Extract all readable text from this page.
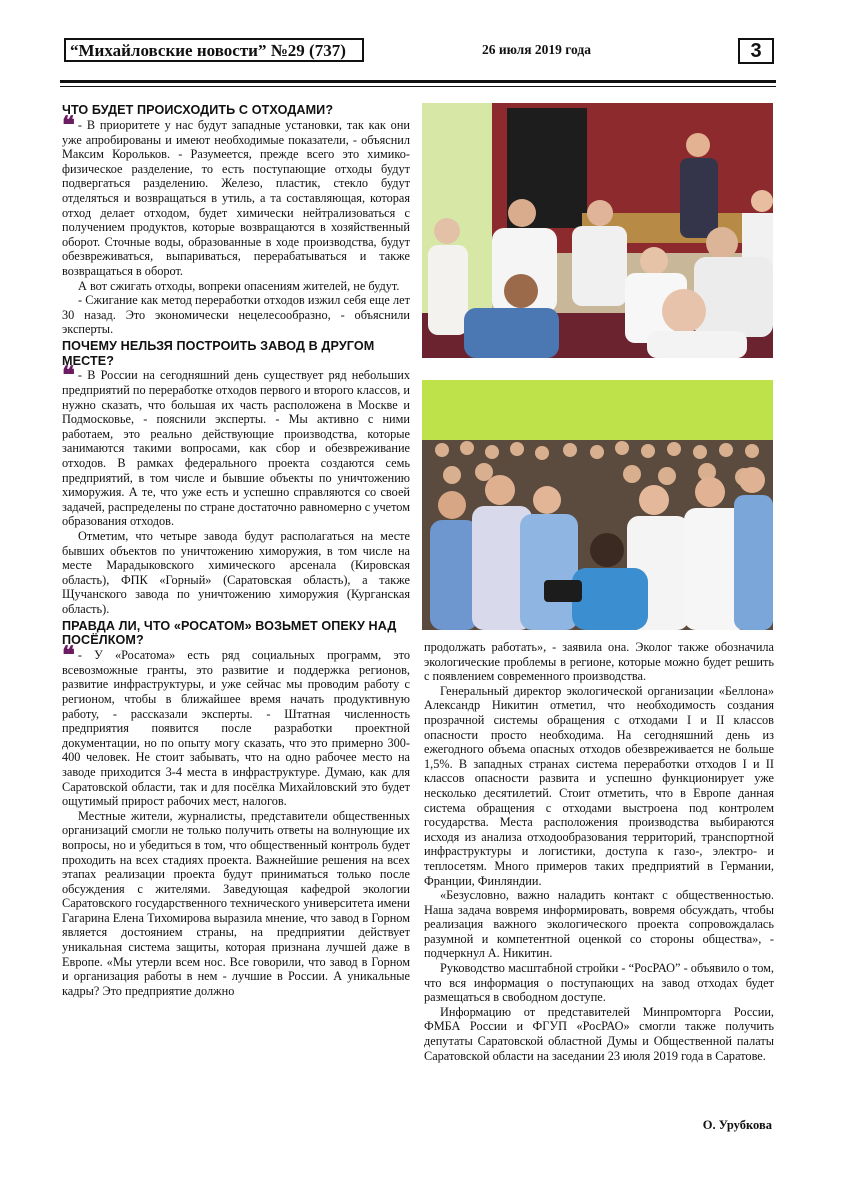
“Михайловские новости” №29 (737)	26 июля 2019 года	3
ЧТО БУДЕТ ПРОИСХОДИТЬ С ОТХОДАМИ?

❝ - В приоритете у нас будут западные установки, так как они уже апробированы и имеют необходимые показатели, - объяснил Максим Корольков. - Разумеется, прежде всего это химико-физическое разделение, то есть поступающие отходы будут подвергаться разделению. Железо, пластик, стекло будут отделяться и возвращаться в утиль, а та составляющая, которая отход делает отходом, будет химически нейтрализоваться с получением продуктов, которые возвращаются в хозяйственный оборот. Сточные воды, образованные в ходе производства, будут обезвреживаться, выпариваться, перерабатываться и также возвращаться в оборот.

А вот сжигать отходы, вопреки опасениям жителей, не будут.

- Сжигание как метод переработки отходов изжил себя еще лет 30 назад. Это экономически нецелесообразно, - объяснили эксперты.

ПОЧЕМУ НЕЛЬЗЯ ПОСТРОИТЬ ЗАВОД В ДРУГОМ МЕСТЕ?

❝ - В России на сегодняшний день существует ряд небольших предприятий по переработке отходов первого и второго классов, и нужно сказать, что большая их часть расположена в Москве и Подмосковье, - пояснили эксперты. - Мы активно с ними работаем, это реально действующие производства, которые занимаются такими вопросами, как сбор и обезвреживание отходов. В рамках федерального проекта создаются семь предприятий, в том числе и бывшие объекты по уничтожению химоружия. А те, что уже есть и успешно справляются со своей задачей, распределены по стране достаточно равномерно с учетом образования отходов.

Отметим, что четыре завода будут располагаться на месте бывших объектов по уничтожению химоружия, в том числе на месте Марадыковского химического арсенала (Кировская область), ФПК «Горный» (Саратовская область), а также Щучанского завода по уничтожению химоружия (Курганская область).

ПРАВДА ЛИ, ЧТО «РОСАТОМ» ВОЗЬМЕТ ОПЕКУ НАД ПОСЁЛКОМ?

❝ - У «Росатома» есть ряд социальных программ, это всевозможные гранты, это развитие и поддержка регионов, развитие инфраструктуры, и уже сейчас мы проводим работу с регионом, чтобы в ближайшее время начать продуктивную работу, - рассказали эксперты. - Штатная численность предприятия появится после разработки проектной документации, но по опыту могу сказать, что это примерно 300-400 человек. Не стоит забывать, что на одно рабочее место на заводе приходится 3-4 места в инфраструктуре. Думаю, как для Саратовской области, так и для посёлка Михайловский это будет ощутимый прирост рабочих мест, налогов.

Местные жители, журналисты, представители общественных организаций смогли не только получить ответы на волнующие их вопросы, но и убедиться в том, что общественный контроль будет проходить на всех стадиях проекта. Важнейшие решения на всех этапах реализации проекта будут приниматься только после обсуждения с жителями. Заведующая кафедрой экологии Саратовского государственного технического университета имени Гагарина Елена Тихомирова выразила мнение, что завод в Горном является достоянием страны, на предприятии действует уникальная система защиты, которая признана лучшей даже в Европе. «Мы утерли всем нос. Все говорили, что завод в Горном и организация работы в нем - лучшие в России. А уникальные кадры? Это предприятие должно

продолжать работать», - заявила она. Эколог также обозначила экологические проблемы в регионе, которые можно будет решить с появлением современного производства.

Генеральный директор экологической организации «Беллона» Александр Никитин отметил, что необходимость создания прозрачной системы обращения с отходами I и II классов опасности просто необходима. На сегодняшний день из ежегодного объема опасных отходов обезвреживается не больше 1,5%. В западных странах система переработки отходов I и II классов опасности развита и успешно функционирует уже несколько десятилетий. Стоит отметить, что в Европе данная система обращения с отходами выстроена под контролем государства. Места расположения производства выбираются исходя из анализа отходообразования территорий, транспортной инфраструктуры и логистики, доступа к газо-, электро- и теплосетям. Много примеров таких предприятий в Германии, Франции, Финляндии.

«Безусловно, важно наладить контакт с общественностью. Наша задача вовремя информировать, вовремя обсуждать, чтобы реализация важного экологического проекта сопровождалась разумной и компетентной оценкой со стороны общества», - подчеркнул А. Никитин.

Руководство масштабной стройки - “РосРАО” - объявило о том, что вся информация о поступающих на завод отходах будет размещаться в свободном доступе.

Информацию от представителей Минпромторга России, ФМБА России и ФГУП «РосРАО» смогли также получить депутаты Саратовской областной Думы и Общественной палаты Саратовской области на заседании 23 июля 2019 года в Саратове.

О. Урубкова
